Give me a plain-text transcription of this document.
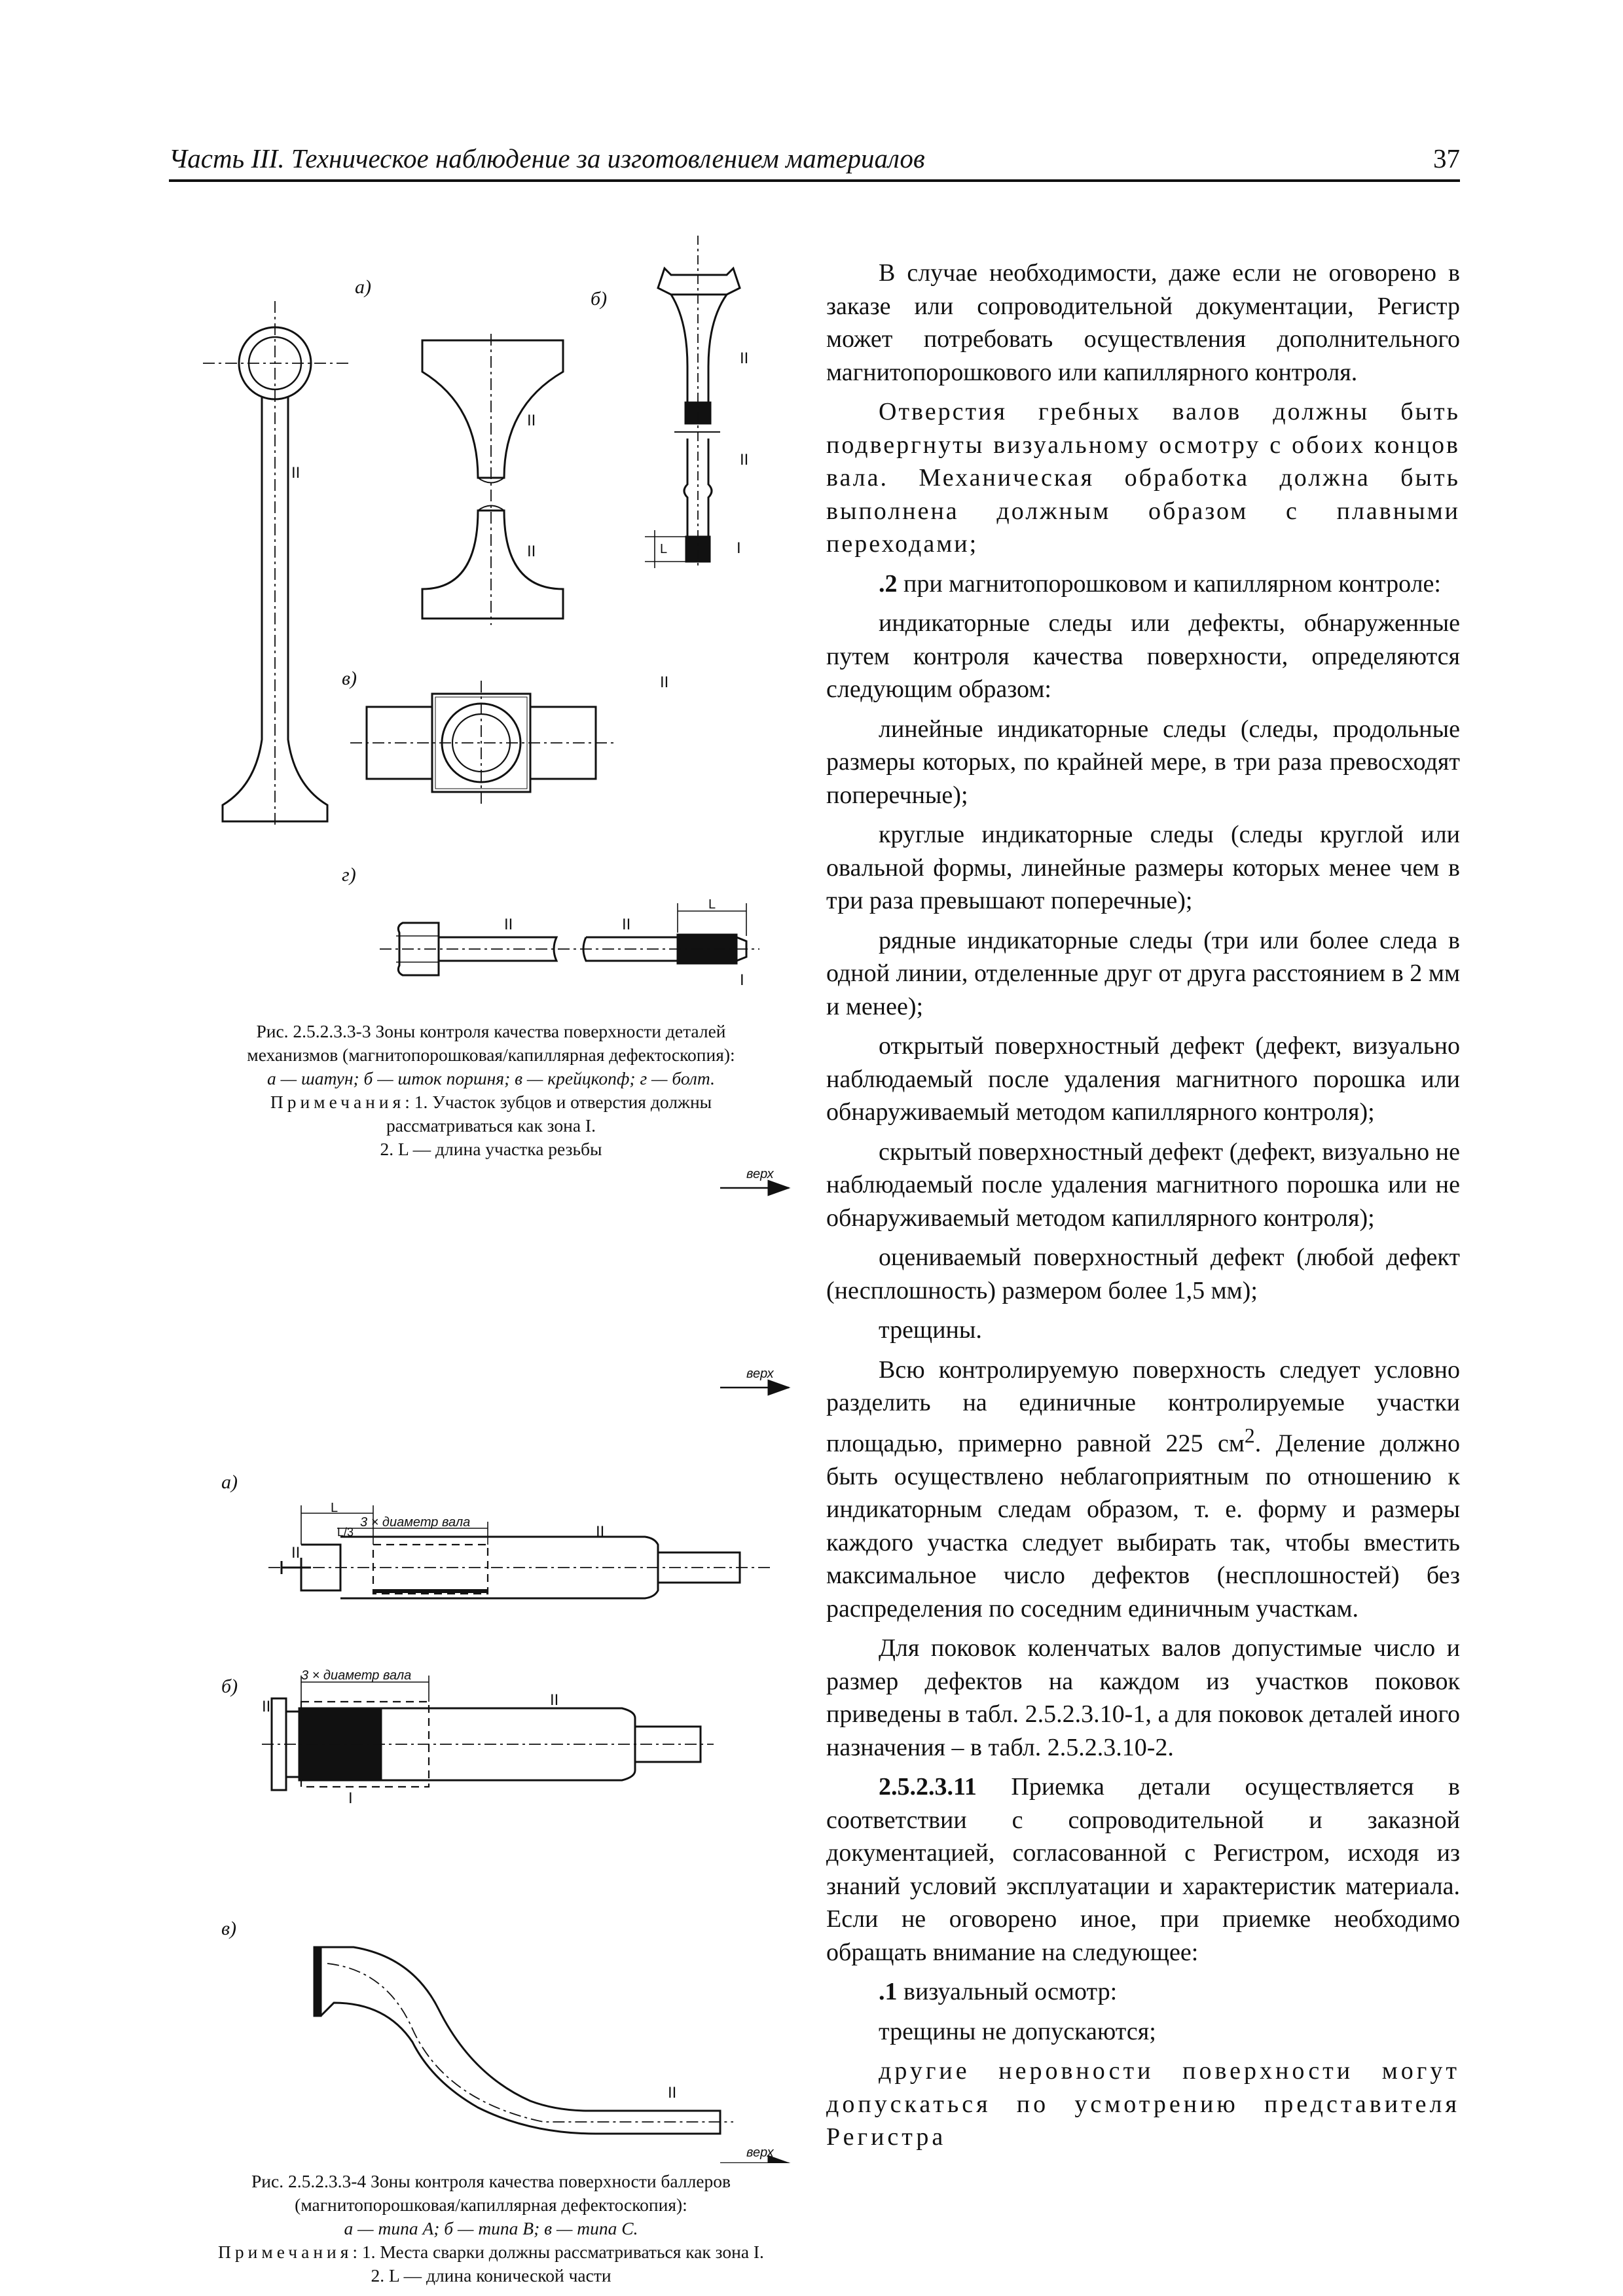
Часть III. Техническое наблюдение за изготовлением материалов	37
II
II
II
II
II
I
L
II
II	II
I
L
а)
б)
в)
г)
Рис. 2.5.2.3.3-3 Зоны контроля качества поверхности деталей
механизмов (магнитопорошковая/капиллярная дефектоскопия):
а — шатун; б — шток поршня; в — крейцкопф; г — болт.
Примечания: 1. Участок зубцов и отверстия должны
рассматриваться как зона I.
2. L — длина участка резьбы
верх
верх
верх
3 × диаметр вала
L/3
L
II
II
3 × диаметр вала
II	II
I
II
а)
б)
в)
Рис. 2.5.2.3.3-4 Зоны контроля качества поверхности баллеров
(магнитопорошковая/капиллярная дефектоскопия):
а — типа А; б — типа В; в — типа С.
Примечания: 1. Места сварки должны рассматриваться как зона I.
2. L — длина конической части

В случае необходимости, даже если не оговорено в заказе или сопроводительной документации, Регистр может потребовать осуществления дополнительного магнитопорошкового или капиллярного контроля.

Отверстия гребных валов должны быть подвергнуты визуальному осмотру с обоих концов вала. Механическая обработка должна быть выполнена должным образом с плавными переходами;

.2 при магнитопорошковом и капиллярном контроле:

индикаторные следы или дефекты, обнаруженные путем контроля качества поверхности, определяются следующим образом:

линейные индикаторные следы (следы, продольные размеры которых, по крайней мере, в три раза превосходят поперечные);

круглые индикаторные следы (следы круглой или овальной формы, линейные размеры которых менее чем в три раза превышают поперечные);

рядные индикаторные следы (три или более следа в одной линии, отделенные друг от друга расстоянием в 2 мм и менее);

открытый поверхностный дефект (дефект, визуально наблюдаемый после удаления магнитного порошка или обнаруживаемый методом капиллярного контроля);

скрытый поверхностный дефект (дефект, визуально не наблюдаемый после удаления магнитного порошка или не обнаруживаемый методом капиллярного контроля);

оцениваемый поверхностный дефект (любой дефект (несплошность) размером более 1,5 мм);

трещины.

Всю контролируемую поверхность следует условно разделить на единичные контролируемые участки площадью, примерно равной 225 $см^2$. Деление должно быть осуществлено неблагоприятным по отношению к индикаторным следам образом, т. е. форму и размеры каждого участка следует выбирать так, чтобы вместить максимальное число дефектов (несплошностей) без распределения по соседним единичным участкам.

Для поковок коленчатых валов допустимые число и размер дефектов на каждом из участков поковок приведены в табл. 2.5.2.3.10-1, а для поковок деталей иного назначения – в табл. 2.5.2.3.10-2.

2.5.2.3.11 Приемка детали осуществляется в соответствии с сопроводительной и заказной документацией, согласованной с Регистром, исходя из знаний условий эксплуатации и характеристик материала. Если не оговорено иное, при приемке необходимо обращать внимание на следующее:

.1 визуальный осмотр:

трещины не допускаются;

другие неровности поверхности могут допускаться по усмотрению представителя Регистра
